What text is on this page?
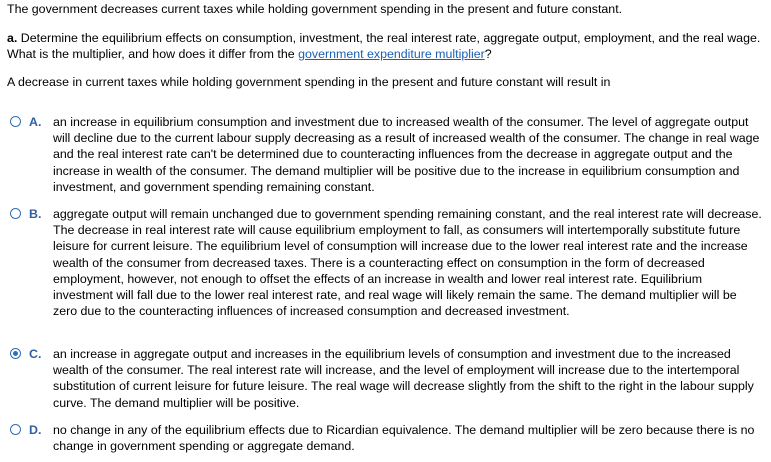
The government decreases current taxes while holding government spending in the present and future constant.
a. Determine the equilibrium effects on consumption, investment, the real interest rate, aggregate output, employment, and the real wage. What is the multiplier, and how does it differ from the government expenditure multiplier?
A decrease in current taxes while holding government spending in the present and future constant will result in
A. an increase in equilibrium consumption and investment due to increased wealth of the consumer. The level of aggregate output will decline due to the current labour supply decreasing as a result of increased wealth of the consumer. The change in real wage and the real interest rate can't be determined due to counteracting influences from the decrease in aggregate output and the increase in wealth of the consumer. The demand multiplier will be positive due to the increase in equilibrium consumption and investment, and government spending remaining constant.
B. aggregate output will remain unchanged due to government spending remaining constant, and the real interest rate will decrease. The decrease in real interest rate will cause equilibrium employment to fall, as consumers will intertemporally substitute future leisure for current leisure. The equilibrium level of consumption will increase due to the lower real interest rate and the increase wealth of the consumer from decreased taxes. There is a counteracting effect on consumption in the form of decreased employment, however, not enough to offset the effects of an increase in wealth and lower real interest rate. Equilibrium investment will fall due to the lower real interest rate, and real wage will likely remain the same. The demand multiplier will be zero due to the counteracting influences of increased consumption and decreased investment.
C. an increase in aggregate output and increases in the equilibrium levels of consumption and investment due to the increased wealth of the consumer. The real interest rate will increase, and the level of employment will increase due to the intertemporal substitution of current leisure for future leisure. The real wage will decrease slightly from the shift to the right in the labour supply curve. The demand multiplier will be positive.
D. no change in any of the equilibrium effects due to Ricardian equivalence. The demand multiplier will be zero because there is no change in government spending or aggregate demand.
